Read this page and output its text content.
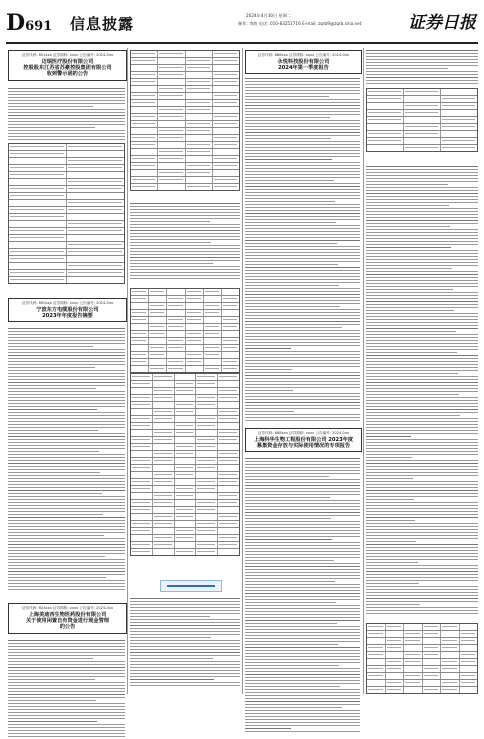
D691 信息披露	2024年4月30日 星期二
制作: 李波 电话: 010-83251716 E-mail: zqrb9@zqrb.sina.net	证券日报
证券代码: 601xxx 证券简称: xxxx 公告编号: 2024-0xx
迈瑞医疗股份有限公司
控股股东江苏省苏豪控股集团有限公司
收到警示函的公告
证券代码: 600xxx 证券简称: xxxx 公告编号: 2024-0xx
宁波东方电缆股份有限公司
2023年年度报告摘要
证券代码: 603xxx 证券简称: xxxx 公告编号: 2024-0xx
上海美迪西生物医药股份有限公司
关于使用闲置自有资金进行现金管理
的公告
证券代码: 688xxx 证券简称: xxxx 公告编号: 2024-0xx
永悦科技股份有限公司
2024年第一季度报告
证券代码: 688xxx 证券简称: xxxx 公告编号: 2024-0xx
上海科华生物工程股份有限公司 2023年度
募集资金存放与实际使用情况的专项报告
